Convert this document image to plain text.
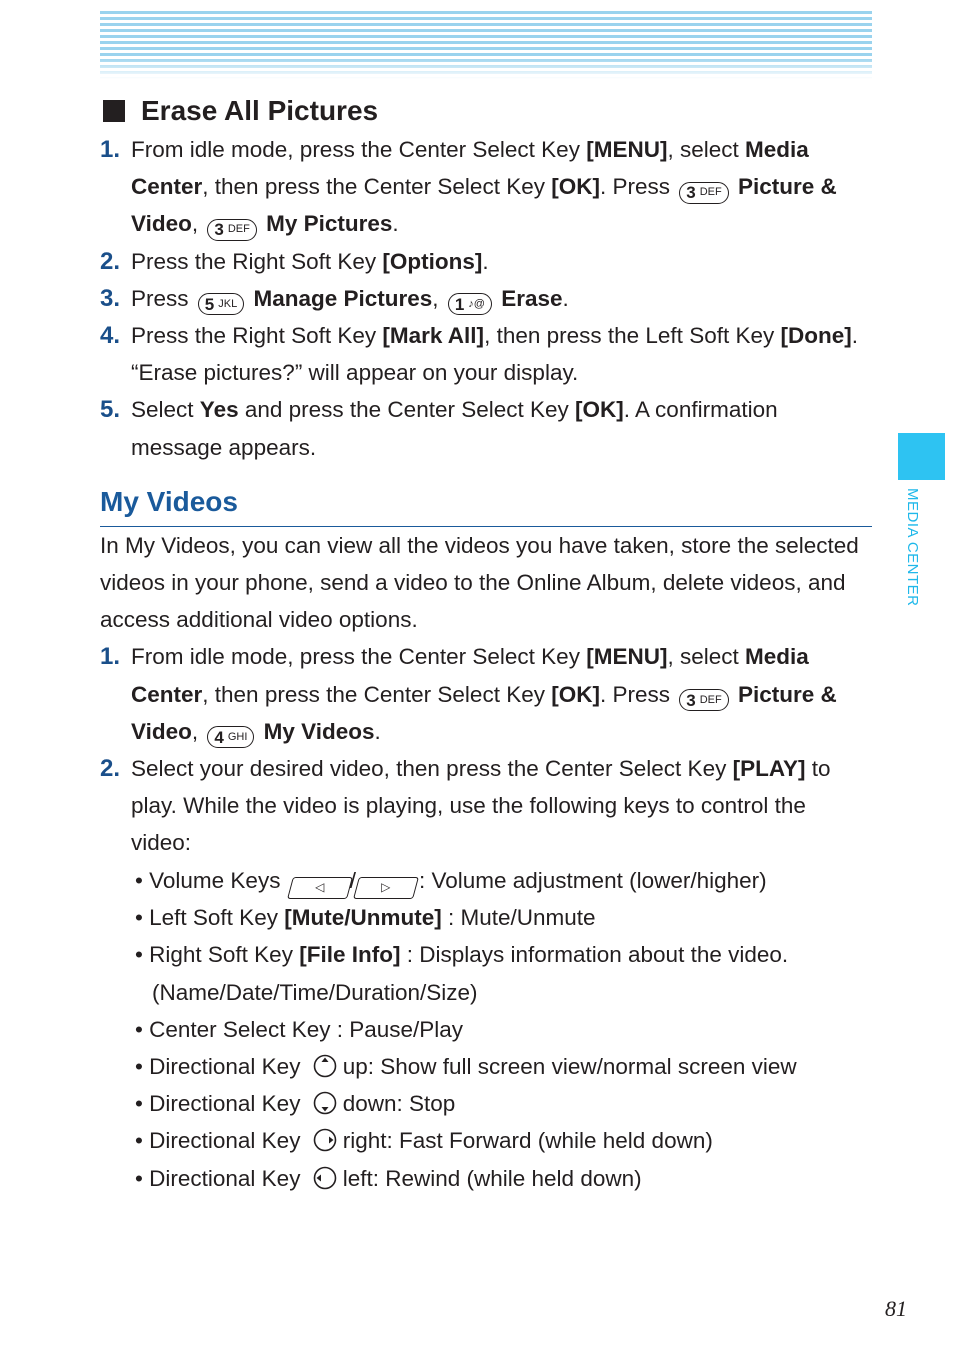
MEDIA CENTER
Erase All Pictures
1. From idle mode, press the Center Select Key [MENU], select Media Center, then press the Center Select Key [OK]. Press 3 DEF Picture & Video, 3 DEF My Pictures.
2. Press the Right Soft Key [Options].
3. Press 5 JKL Manage Pictures, 1 ♪@ Erase.
4. Press the Right Soft Key [Mark All], then press the Left Soft Key [Done]. “Erase pictures?” will appear on your display.
5. Select Yes and press the Center Select Key [OK]. A confirmation message appears.
My Videos
In My Videos, you can view all the videos you have taken, store the selected videos in your phone, send a video to the Online Album, delete videos, and access additional video options.
1. From idle mode, press the Center Select Key [MENU], select Media Center, then press the Center Select Key [OK]. Press 3 DEF Picture & Video, 4 GHI My Videos.
2. Select your desired video, then press the Center Select Key [PLAY] to play. While the video is playing, use the following keys to control the video:
• Volume Keys ◁ / ▷ : Volume adjustment (lower/higher)
• Left Soft Key [Mute/Unmute] : Mute/Unmute
• Right Soft Key [File Info] : Displays information about the video. (Name/Date/Time/Duration/Size)
• Center Select Key : Pause/Play
• Directional Key up: Show full screen view/normal screen view
• Directional Key down: Stop
• Directional Key right: Fast Forward (while held down)
• Directional Key left: Rewind (while held down)
81
